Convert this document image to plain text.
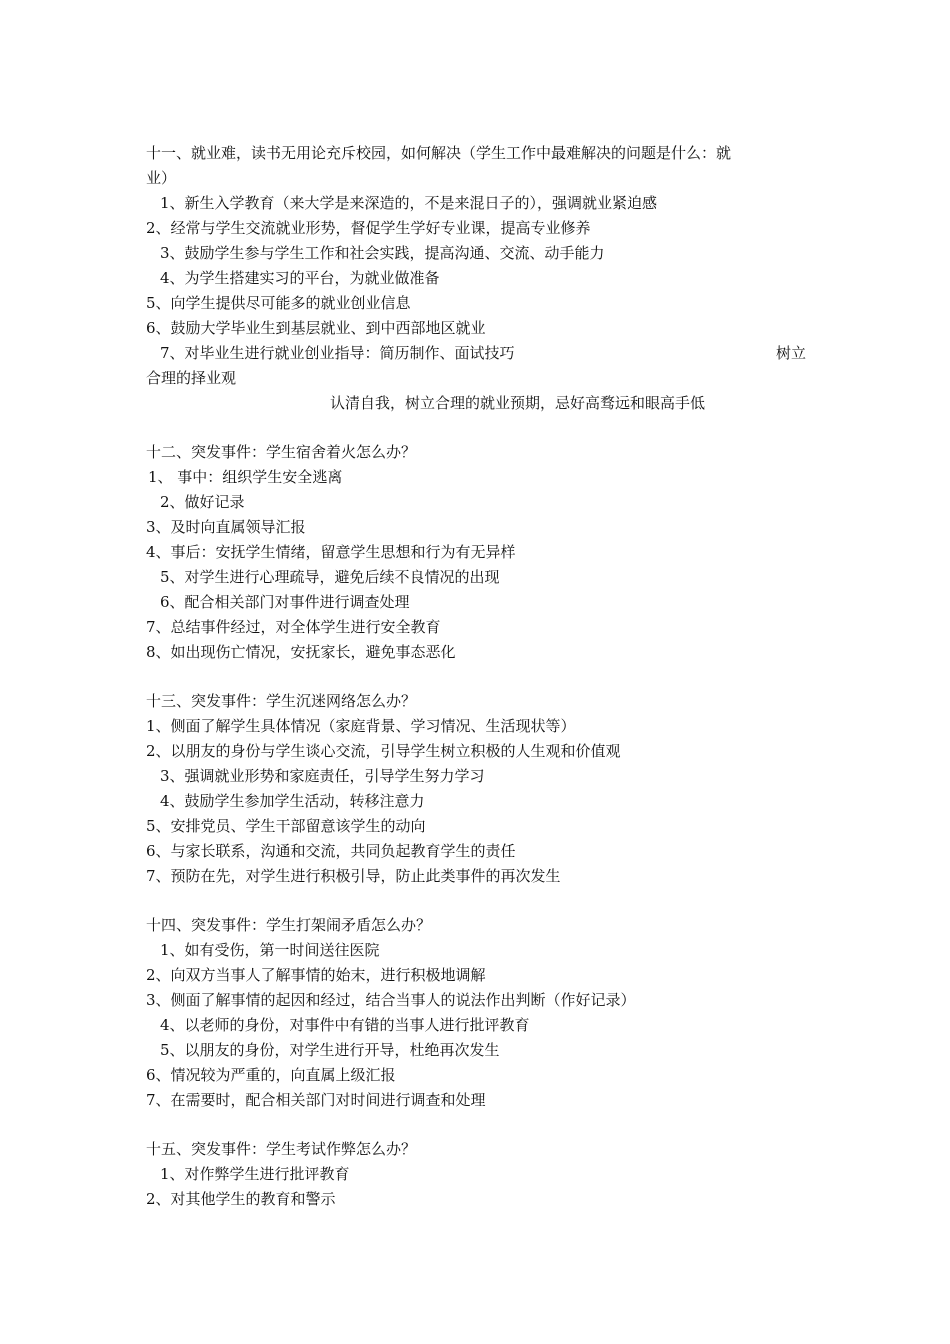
十一、就业难，读书无用论充斥校园，如何解决（学生工作中最难解决的问题是什么：就
业）
1、新生入学教育（来大学是来深造的，不是来混日子的），强调就业紧迫感
2、经常与学生交流就业形势，督促学生学好专业课，提高专业修养
3、鼓励学生参与学生工作和社会实践，提高沟通、交流、动手能力
4、为学生搭建实习的平台，为就业做准备
5、向学生提供尽可能多的就业创业信息
6、鼓励大学毕业生到基层就业、到中西部地区就业
7、对毕业生进行就业创业指导：简历制作、面试技巧	树立
合理的择业观
认清自我，树立合理的就业预期，忌好高骛远和眼高手低
十二、突发事件：学生宿舍着火怎么办？
1、 事中：组织学生安全逃离
2、做好记录
3、及时向直属领导汇报
4、事后：安抚学生情绪，留意学生思想和行为有无异样
5、对学生进行心理疏导，避免后续不良情况的出现
6、配合相关部门对事件进行调查处理
7、总结事件经过，对全体学生进行安全教育
8、如出现伤亡情况，安抚家长，避免事态恶化
十三、突发事件：学生沉迷网络怎么办？
1、侧面了解学生具体情况（家庭背景、学习情况、生活现状等）
2、以朋友的身份与学生谈心交流，引导学生树立积极的人生观和价值观
3、强调就业形势和家庭责任，引导学生努力学习
4、鼓励学生参加学生活动，转移注意力
5、安排党员、学生干部留意该学生的动向
6、与家长联系，沟通和交流，共同负起教育学生的责任
7、预防在先，对学生进行积极引导，防止此类事件的再次发生
十四、突发事件：学生打架闹矛盾怎么办？
1、如有受伤，第一时间送往医院
2、向双方当事人了解事情的始末，进行积极地调解
3、侧面了解事情的起因和经过，结合当事人的说法作出判断（作好记录）
4、以老师的身份，对事件中有错的当事人进行批评教育
5、以朋友的身份，对学生进行开导，杜绝再次发生
6、情况较为严重的，向直属上级汇报
7、在需要时，配合相关部门对时间进行调查和处理
十五、突发事件：学生考试作弊怎么办？
1、对作弊学生进行批评教育
2、对其他学生的教育和警示
